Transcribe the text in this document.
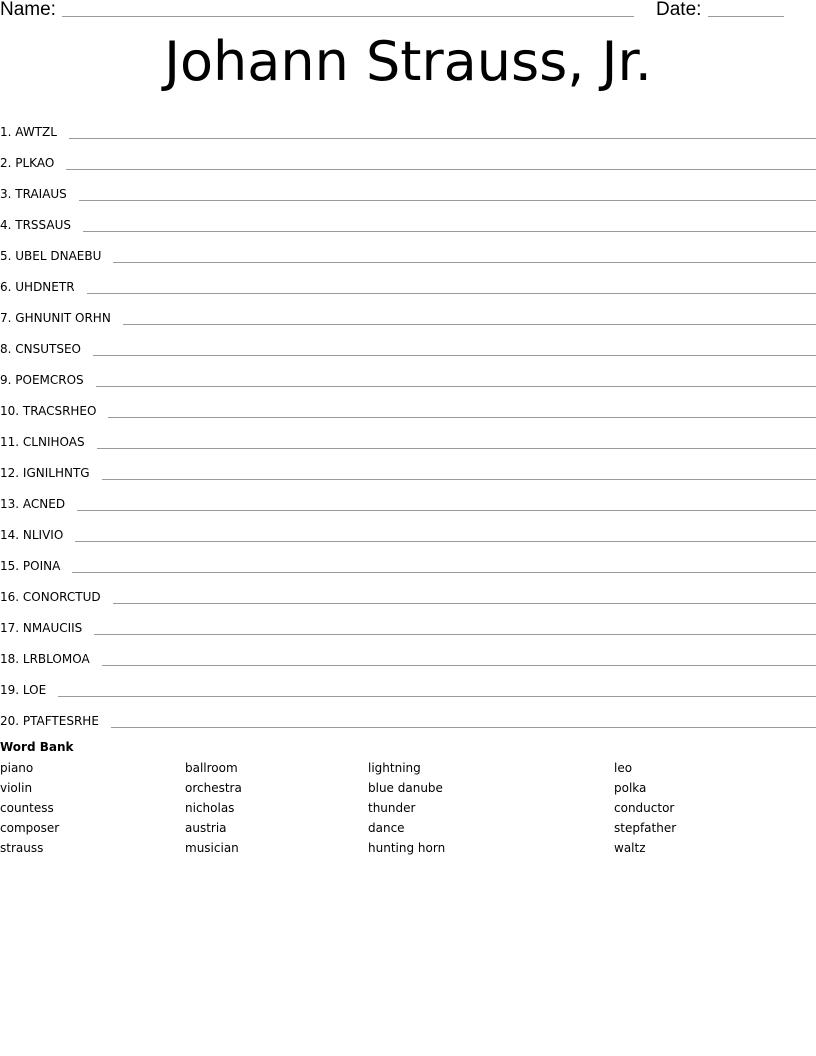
Name:	Date:
Johann Strauss, Jr.
1. AWTZL
2. PLKAO
3. TRAIAUS
4. TRSSAUS
5. UBEL DNAEBU
6. UHDNETR
7. GHNUNIT ORHN
8. CNSUTSEO
9. POEMCROS
10. TRACSRHEO
11. CLNIHOAS
12. IGNILHNTG
13. ACNED
14. NLIVIO
15. POINA
16. CONORCTUD
17. NMAUCIIS
18. LRBLOMOA
19. LOE
20. PTAFTESRHE
Word Bank
piano
violin
countess
composer
strauss
ballroom
orchestra
nicholas
austria
musician
lightning
blue danube
thunder
dance
hunting horn
leo
polka
conductor
stepfather
waltz
